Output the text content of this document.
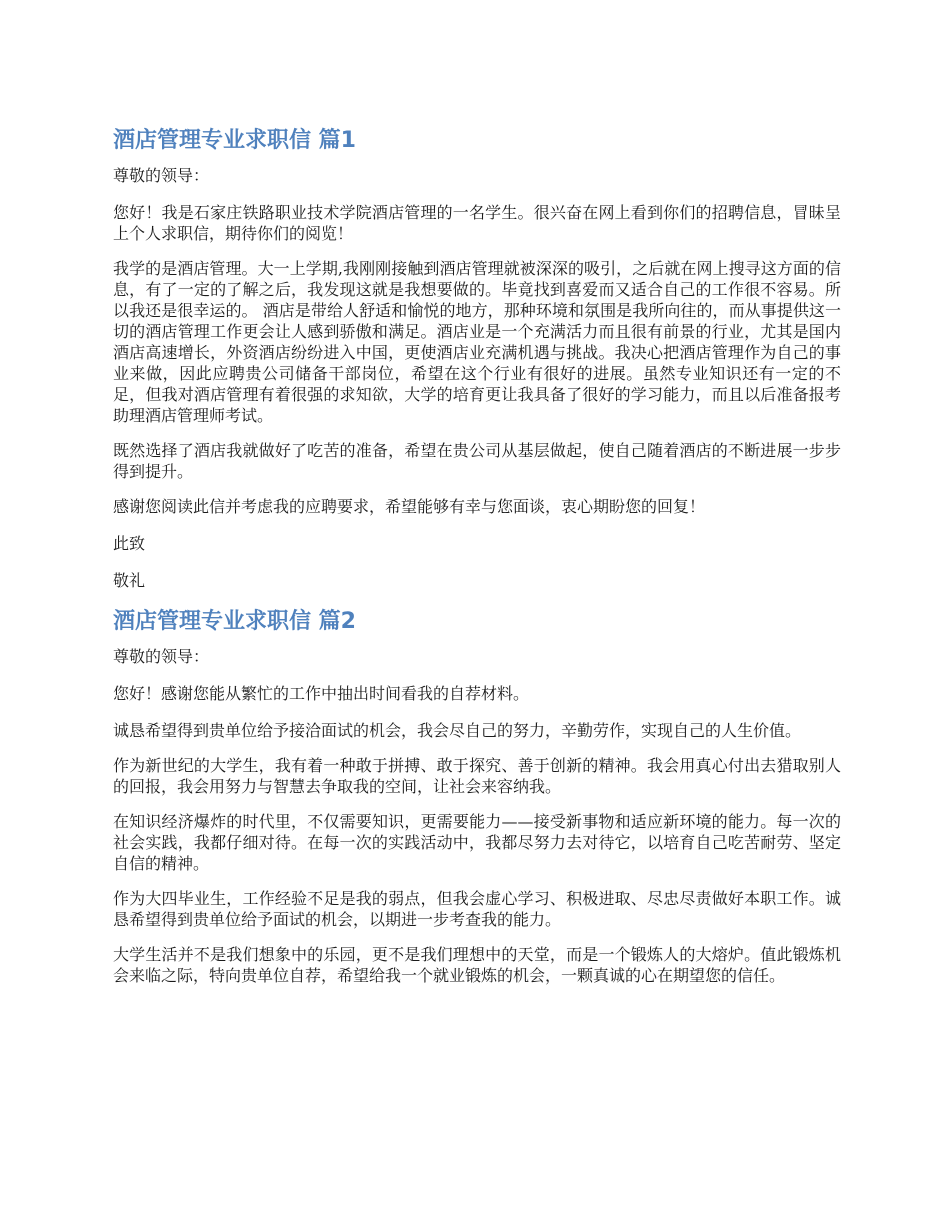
酒店管理专业求职信 篇1

尊敬的领导：

您好！我是石家庄铁路职业技术学院酒店管理的一名学生。很兴奋在网上看到你们的招聘信息，冒昧呈上个人求职信，期待你们的阅览！

我学的是酒店管理。大一上学期,我刚刚接触到酒店管理就被深深的吸引，之后就在网上搜寻这方面的信息，有了一定的了解之后，我发现这就是我想要做的。毕竟找到喜爱而又适合自己的工作很不容易。所以我还是很幸运的。 酒店是带给人舒适和愉悦的地方，那种环境和氛围是我所向往的，而从事提供这一切的酒店管理工作更会让人感到骄傲和满足。酒店业是一个充满活力而且很有前景的行业，尤其是国内酒店高速增长，外资酒店纷纷进入中国，更使酒店业充满机遇与挑战。我决心把酒店管理作为自己的事业来做，因此应聘贵公司储备干部岗位，希望在这个行业有很好的进展。虽然专业知识还有一定的不足，但我对酒店管理有着很强的求知欲，大学的培育更让我具备了很好的学习能力，而且以后准备报考助理酒店管理师考试。

既然选择了酒店我就做好了吃苦的准备，希望在贵公司从基层做起，使自己随着酒店的不断进展一步步得到提升。

感谢您阅读此信并考虑我的应聘要求，希望能够有幸与您面谈，衷心期盼您的回复！

此致

敬礼

酒店管理专业求职信 篇2

尊敬的领导：

您好！感谢您能从繁忙的工作中抽出时间看我的自荐材料。

诚恳希望得到贵单位给予接洽面试的机会，我会尽自己的努力，辛勤劳作，实现自己的人生价值。

作为新世纪的大学生，我有着一种敢于拼搏、敢于探究、善于创新的精神。我会用真心付出去猎取别人的回报，我会用努力与智慧去争取我的空间，让社会来容纳我。

在知识经济爆炸的时代里，不仅需要知识，更需要能力——接受新事物和适应新环境的能力。每一次的社会实践，我都仔细对待。在每一次的实践活动中，我都尽努力去对待它，以培育自己吃苦耐劳、坚定自信的精神。

作为大四毕业生，工作经验不足是我的弱点，但我会虚心学习、积极进取、尽忠尽责做好本职工作。诚恳希望得到贵单位给予面试的机会，以期进一步考查我的能力。

大学生活并不是我们想象中的乐园，更不是我们理想中的天堂，而是一个锻炼人的大熔炉。值此锻炼机会来临之际，特向贵单位自荐，希望给我一个就业锻炼的机会，一颗真诚的心在期望您的信任。
